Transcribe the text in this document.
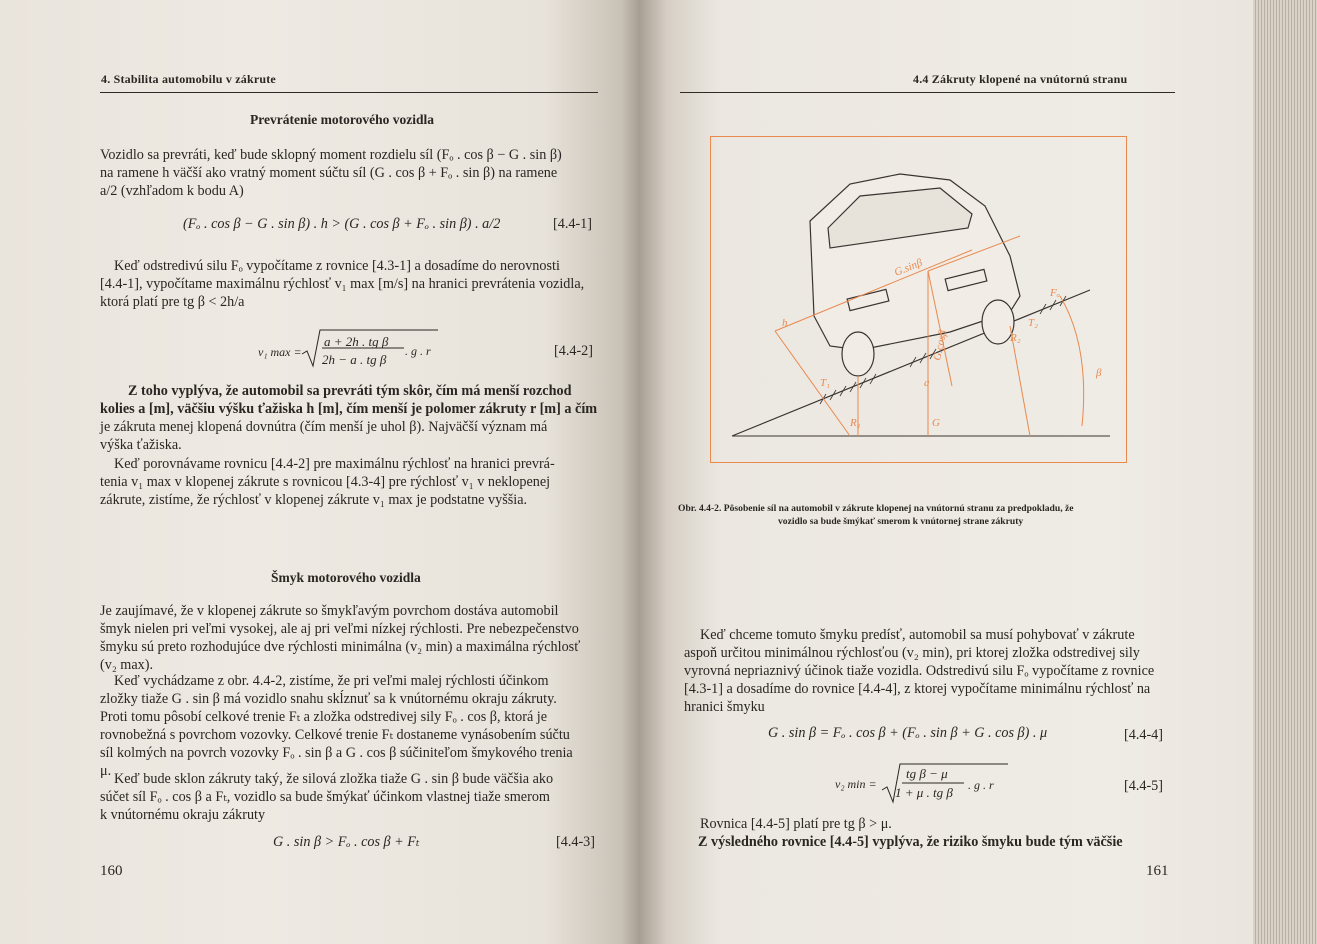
4. Stabilita automobilu v zákrute
Prevrátenie motorového vozidla
Vozidlo sa prevráti, keď bude sklopný moment rozdielu síl (Fₒ . cos β − G . sin β)
na ramene h väčší ako vratný moment súčtu síl (G . cos β + Fₒ . sin β) na ramene
a/2 (vzhľadom k bodu A)
(Fₒ . cos β − G . sin β) . h > (G . cos β + Fₒ . sin β) . a/2	[4.4-1]
Keď odstredivú silu Fₒ vypočítame z rovnice [4.3-1] a dosadíme do nerovnosti
[4.4-1], vypočítame maximálnu rýchlosť v₁ max [m/s] na hranici prevrátenia vozidla,
ktorá platí pre tg β < 2h/a
v₁ max =
a + 2h . tg β
2h − a . tg β
. g . r	[4.4-2]
Z toho vyplýva, že automobil sa prevráti tým skôr, čím má menší rozchod
kolies a [m], väčšiu výšku ťažiska h [m], čím menší je polomer zákruty r [m] a čím
je zákruta menej klopená dovnútra (čím menší je uhol β). Najväčší význam má
výška ťažiska.
Keď porovnávame rovnicu [4.4-2] pre maximálnu rýchlosť na hranici prevrá-
tenia v₁ max v klopenej zákrute s rovnicou [4.3-4] pre rýchlosť v₁ v neklopenej
zákrute, zistíme, že rýchlosť v klopenej zákrute v₁ max je podstatne vyššia.
Šmyk motorového vozidla
Je zaujímavé, že v klopenej zákrute so šmykľavým povrchom dostáva automobil
šmyk nielen pri veľmi vysokej, ale aj pri veľmi nízkej rýchlosti. Pre nebezpečenstvo
šmyku sú preto rozhodujúce dve rýchlosti minimálna (v₂ min) a maximálna rýchlosť
(v₂ max).
Keď vychádzame z obr. 4.4-2, zistíme, že pri veľmi malej rýchlosti účinkom
zložky tiaže G . sin β má vozidlo snahu skĺznuť sa k vnútornému okraju zákruty.
Proti tomu pôsobí celkové trenie Fₜ a zložka odstredivej sily Fₒ . cos β, ktorá je
rovnobežná s povrchom vozovky. Celkové trenie Fₜ dostaneme vynásobením súčtu
síl kolmých na povrch vozovky Fₒ . sin β a G . cos β súčiniteľom šmykového trenia
μ. Keď bude sklon zákruty taký, že silová zložka tiaže G . sin β bude väčšia ako
súčet síl Fₒ . cos β a Fₜ, vozidlo sa bude šmýkať účinkom vlastnej tiaže smerom
k vnútornému okraju zákruty
G . sin β > Fₒ . cos β + Fₜ	[4.4-3]
160
4.4 Zákruty klopené na vnútornú stranu
h
a
G
β
R₁
R₂
G.cosβ
G.sinβ
T₁
T₂
Fₒ
Obr. 4.4-2. Pôsobenie síl na automobil v zákrute klopenej na vnútornú stranu za predpokladu, že
vozidlo sa bude šmýkať smerom k vnútornej strane zákruty
Keď chceme tomuto šmyku predísť, automobil sa musí pohybovať v zákrute
aspoň určitou minimálnou rýchlosťou (v₂ min), pri ktorej zložka odstredivej sily
vyrovná nepriaznivý účinok tiaže vozidla. Odstredivú silu Fₒ vypočítame z rovnice
[4.3-1] a dosadíme do rovnice [4.4-4], z ktorej vypočítame minimálnu rýchlosť na
hranici šmyku
G . sin β = Fₒ . cos β + (Fₒ . sin β + G . cos β) . μ	[4.4-4]
v₂ min =
tg β − μ
1 + μ . tg β . g . r	[4.4-5]
Rovnica [4.4-5] platí pre tg β > μ.
Z výsledného rovnice [4.4-5] vyplýva, že riziko šmyku bude tým väčšie
161
